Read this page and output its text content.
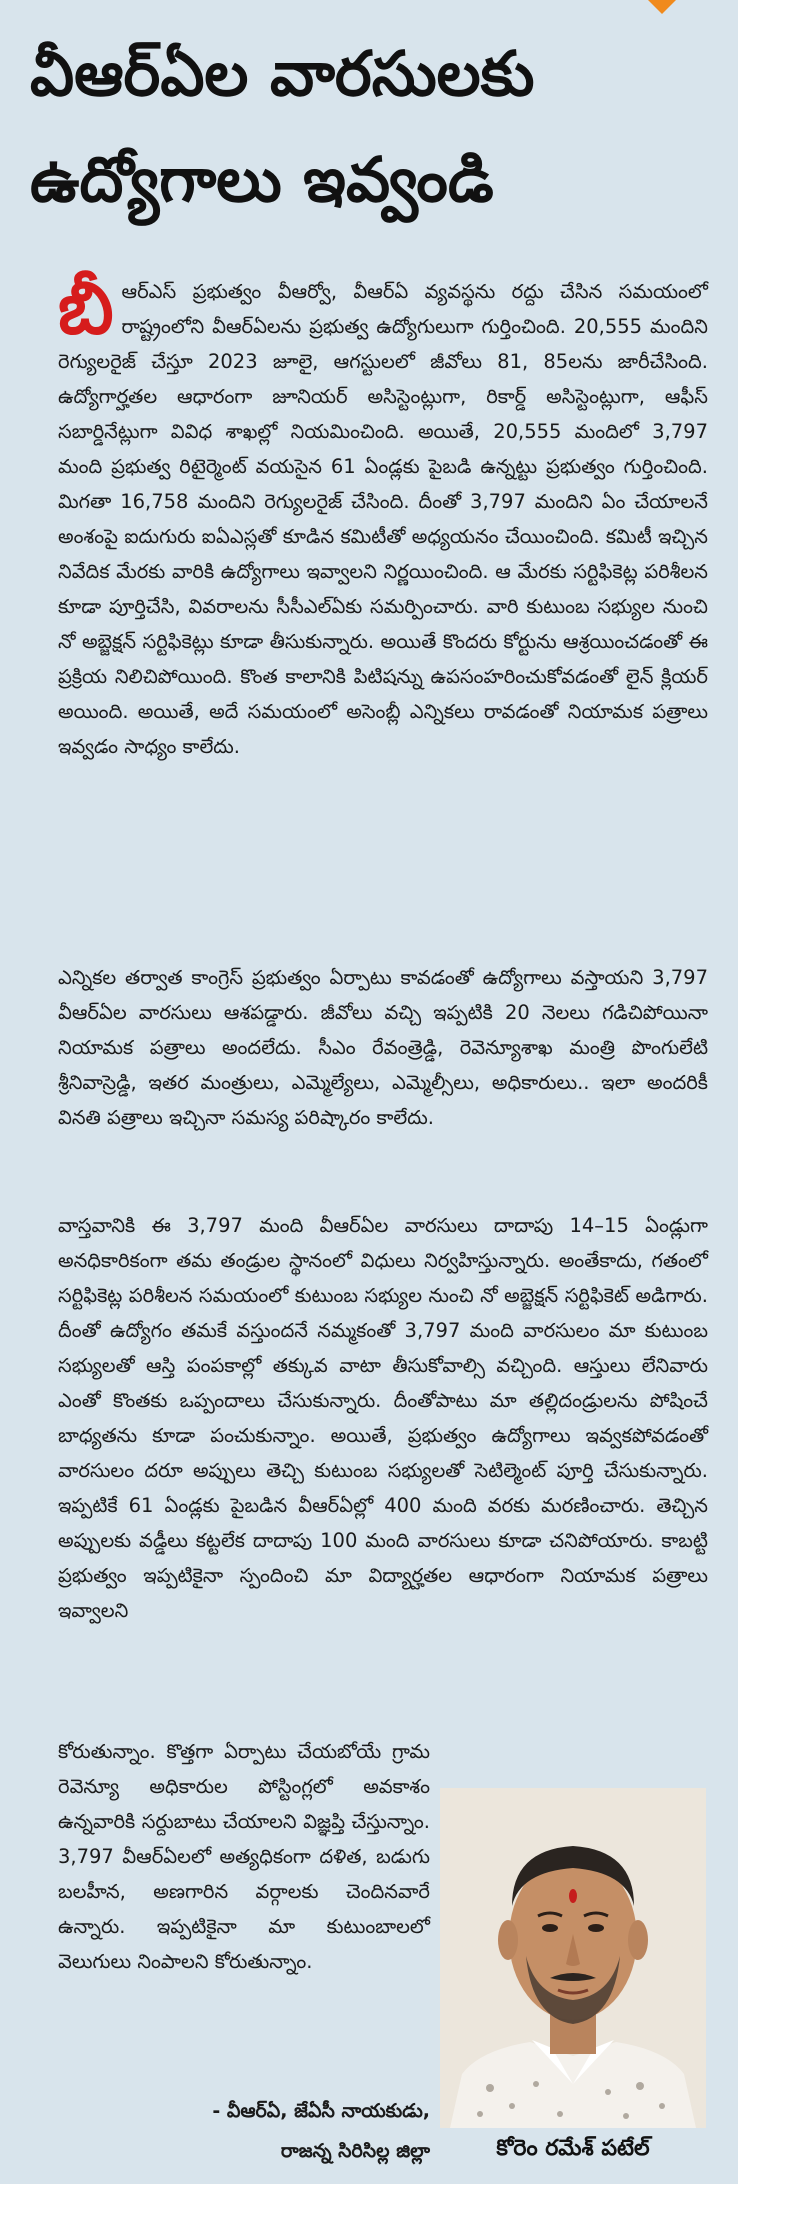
వీఆర్ఏల వారసులకు
ఉద్యోగాలు ఇవ్వండి

బీఆర్ఎస్ ప్రభుత్వం వీఆర్వో, వీఆర్ఏ వ్యవస్థను రద్దు చేసిన సమయంలో రాష్ట్రంలోని వీఆర్ఏలను ప్రభుత్వ ఉద్యోగులుగా గుర్తించింది. 20,555 మందిని రెగ్యులరైజ్ చేస్తూ 2023 జూలై, ఆగస్టులలో జీవోలు 81, 85లను జారీచేసింది. ఉద్యోగార్హతల ఆధారంగా జూనియర్ అసిస్టెంట్లుగా, రికార్డ్ అసిస్టెంట్లుగా, ఆఫీస్ సబార్డినేట్లుగా వివిధ శాఖల్లో నియమించింది. అయితే, 20,555 మందిలో 3,797 మంది ప్రభుత్వ రిటైర్మెంట్ వయసైన 61 ఏండ్లకు పైబడి ఉన్నట్టు ప్రభుత్వం గుర్తించింది. మిగతా 16,758 మందిని రెగ్యులరైజ్ చేసింది. దీంతో 3,797 మందిని ఏం చేయాలనే అంశంపై ఐదుగురు ఐఏఎస్లతో కూడిన కమిటీతో అధ్యయనం చేయించింది. కమిటీ ఇచ్చిన నివేదిక మేరకు వారికి ఉద్యోగాలు ఇవ్వాలని నిర్ణయించింది. ఆ మేరకు సర్టిఫికెట్ల పరిశీలన కూడా పూర్తిచేసి, వివరాలను సీసీఎల్ఏకు సమర్పించారు. వారి కుటుంబ సభ్యుల నుంచి నో అబ్జెక్షన్ సర్టిఫికెట్లు కూడా తీసుకున్నారు. అయితే కొందరు కోర్టును ఆశ్రయించడంతో ఈ ప్రక్రియ నిలిచిపోయింది. కొంత కాలానికి పిటిషన్ను ఉపసంహరించుకోవడంతో లైన్ క్లియర్ అయింది. అయితే, అదే సమయంలో అసెంబ్లీ ఎన్నికలు రావడంతో నియామక పత్రాలు ఇవ్వడం సాధ్యం కాలేదు.

ఎన్నికల తర్వాత కాంగ్రెస్ ప్రభుత్వం ఏర్పాటు కావడంతో ఉద్యోగాలు వస్తాయని 3,797 వీఆర్ఏల వారసులు ఆశపడ్డారు. జీవోలు వచ్చి ఇప్పటికి 20 నెలలు గడిచిపోయినా నియామక పత్రాలు అందలేదు. సీఎం రేవంత్రెడ్డి, రెవెన్యూశాఖ మంత్రి పొంగులేటి శ్రీనివాస్రెడ్డి, ఇతర మంత్రులు, ఎమ్మెల్యేలు, ఎమ్మెల్సీలు, అధికారులు.. ఇలా అందరికీ వినతి పత్రాలు ఇచ్చినా సమస్య పరిష్కారం కాలేదు.

వాస్తవానికి ఈ 3,797 మంది వీఆర్ఏల వారసులు దాదాపు 14–15 ఏండ్లుగా అనధికారికంగా తమ తండ్రుల స్థానంలో విధులు నిర్వహిస్తున్నారు. అంతేకాదు, గతంలో సర్టిఫికెట్ల పరిశీలన సమయంలో కుటుంబ సభ్యుల నుంచి నో అబ్జెక్షన్ సర్టిఫికెట్ అడిగారు. దీంతో ఉద్యోగం తమకే వస్తుందనే నమ్మకంతో 3,797 మంది వారసులం మా కుటుంబ సభ్యులతో ఆస్తి పంపకాల్లో తక్కువ వాటా తీసుకోవాల్సి వచ్చింది. ఆస్తులు లేనివారు ఎంతో కొంతకు ఒప్పందాలు చేసుకున్నారు. దీంతోపాటు మా తల్లిదండ్రులను పోషించే బాధ్యతను కూడా పంచుకున్నాం. అయితే, ప్రభుత్వం ఉద్యోగాలు ఇవ్వకపోవడంతో వారసులం దరూ అప్పులు తెచ్చి కుటుంబ సభ్యులతో సెటిల్మెంట్ పూర్తి చేసుకున్నారు. ఇప్పటికే 61 ఏండ్లకు పైబడిన వీఆర్ఏల్లో 400 మంది వరకు మరణించారు. తెచ్చిన అప్పులకు వడ్డీలు కట్టలేక దాదాపు 100 మంది వారసులు కూడా చనిపోయారు. కాబట్టి ప్రభుత్వం ఇప్పటికైనా స్పందించి మా విద్యార్హతల ఆధారంగా నియామక పత్రాలు ఇవ్వాలని

కోరుతున్నాం. కొత్తగా ఏర్పాటు చేయబోయే గ్రామ రెవెన్యూ అధికారుల పోస్టింగ్లలో అవకాశం ఉన్నవారికి సర్దుబాటు చేయాలని విజ్ఞప్తి చేస్తున్నాం. 3,797 వీఆర్ఏలలో అత్యధికంగా దళిత, బడుగు బలహీన, అణగారిన వర్గాలకు చెందినవారే ఉన్నారు. ఇప్పటికైనా మా కుటుంబాలలో వెలుగులు నింపాలని కోరుతున్నాం.

- వీఆర్ఏ, జేఏసీ నాయకుడు,
రాజన్న సిరిసిల్ల జిల్లా	కోరెం రమేశ్ పటేల్
